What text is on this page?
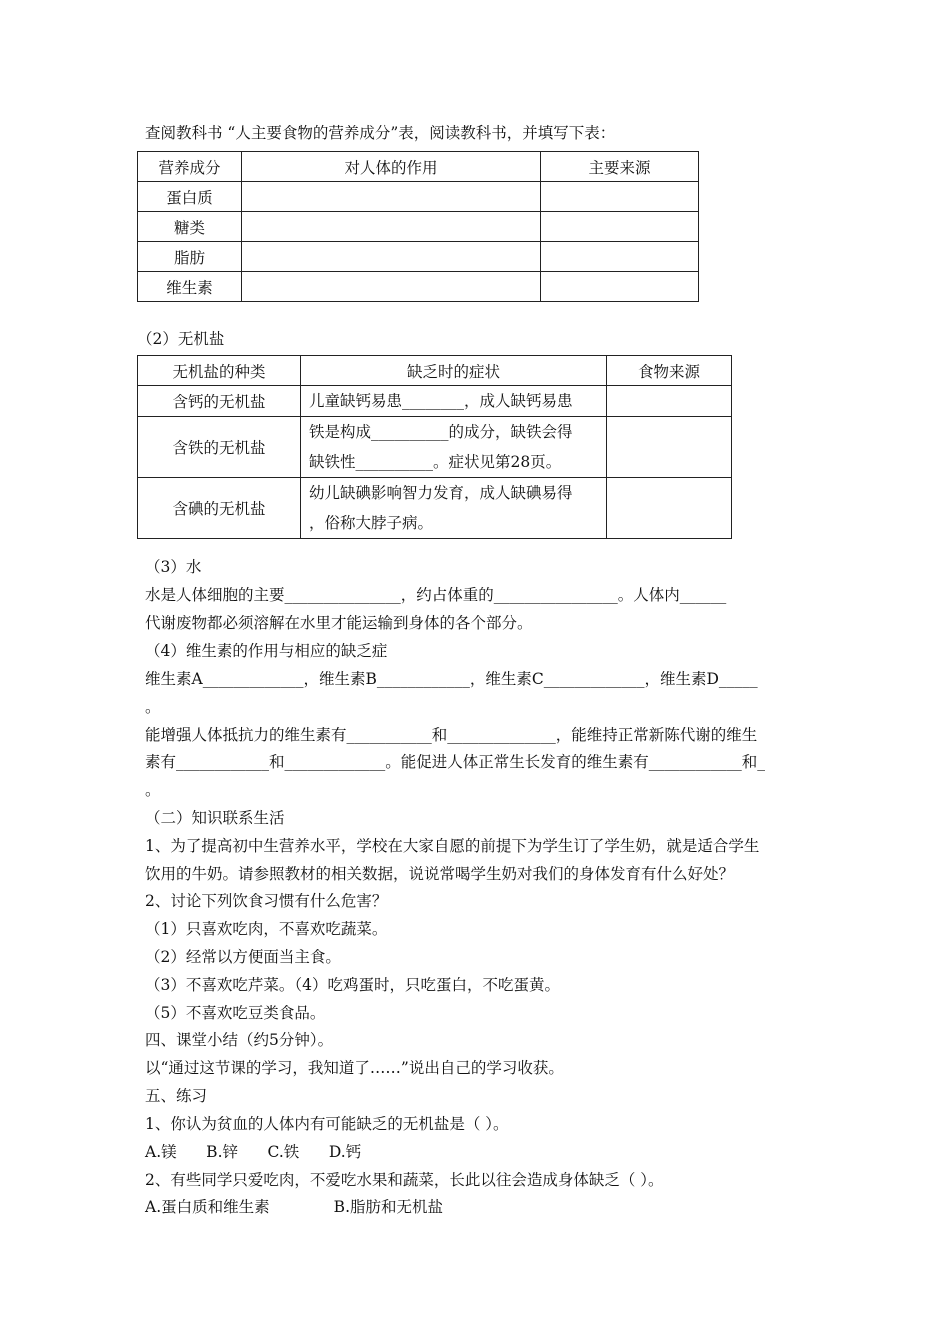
查阅教科书 “人主要食物的营养成分”表，阅读教科书，并填写下表：
营养成分	对人体的作用	主要来源
蛋白质		
糖类		
脂肪		
维生素		
（2）无机盐
无机盐的种类	缺乏时的症状	食物来源
含钙的无机盐	儿童缺钙易患________，成人缺钙易患	
含铁的无机盐	铁是构成__________的成分，缺铁会得
缺铁性__________。症状见第28页。	

含碘的无机盐	幼儿缺碘影响智力发育，成人缺碘易得
，俗称大脖子病。	

（3）水
水是人体细胞的主要_______________，约占体重的________________。人体内______
代谢废物都必须溶解在水里才能运输到身体的各个部分。
（4）维生素的作用与相应的缺乏症
维生素A_____________，维生素B____________，维生素C_____________，维生素D_____
。
能增强人体抵抗力的维生素有___________和______________，能维持正常新陈代谢的维生
素有____________和_____________。能促进人体正常生长发育的维生素有____________和_
。
（二）知识联系生活
1、为了提高初中生营养水平，学校在大家自愿的前提下为学生订了学生奶，就是适合学生
饮用的牛奶。请参照教材的相关数据，说说常喝学生奶对我们的身体发育有什么好处？
2、讨论下列饮食习惯有什么危害？
（1）只喜欢吃肉，不喜欢吃蔬菜。
（2）经常以方便面当主食。
（3）不喜欢吃芹菜。（4）吃鸡蛋时，只吃蛋白，不吃蛋黄。
（5）不喜欢吃豆类食品。
四、课堂小结（约5分钟）。
以“通过这节课的学习，我知道了……”说出自己的学习收获。
五、练习
1、你认为贫血的人体内有可能缺乏的无机盐是（ ）。
A.镁      B.锌      C.铁      D.钙
2、有些同学只爱吃肉，不爱吃水果和蔬菜，长此以往会造成身体缺乏（ ）。
A.蛋白质和维生素             B.脂肪和无机盐
